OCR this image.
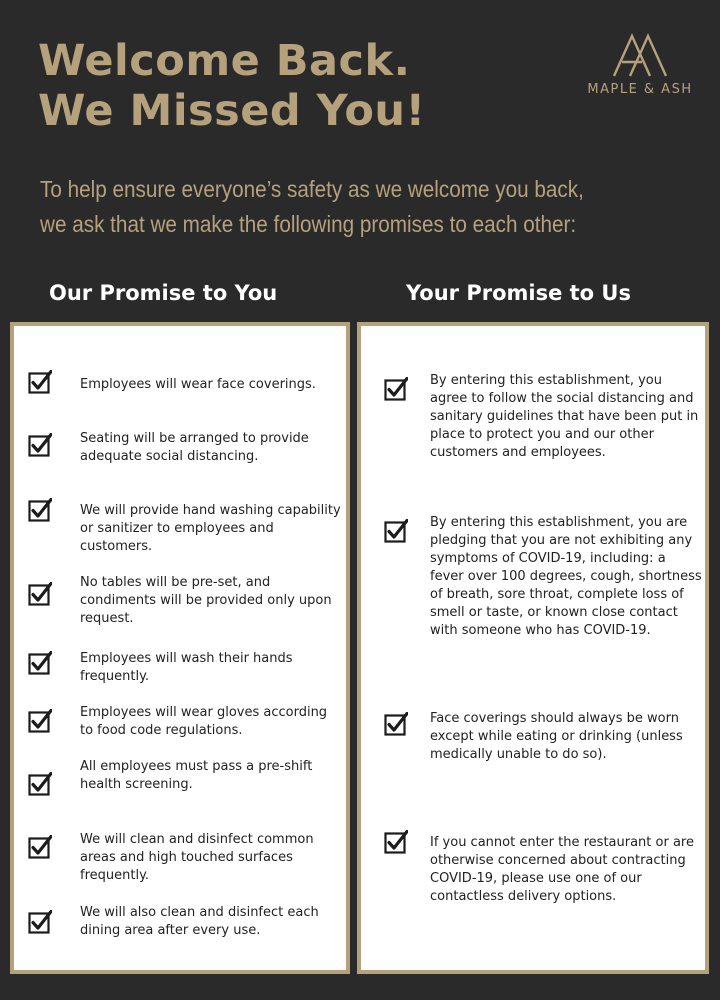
Welcome Back.
We Missed You!	MAPLE & ASH
To help ensure everyone’s safety as we welcome you back,
we ask that we make the following promises to each other:
Our Promise to You	Your Promise to Us
Employees will wear face coverings.
Seating will be arranged to provide adequate social distancing.
We will provide hand washing capability or sanitizer to employees and customers.
No tables will be pre-set, and condiments will be provided only upon request.
Employees will wash their hands frequently.
Employees will wear gloves according to food code regulations.
All employees must pass a pre-shift health screening.
We will clean and disinfect common areas and high touched surfaces frequently.
We will also clean and disinfect each dining area after every use.
By entering this establishment, you agree to follow the social distancing and sanitary guidelines that have been put in place to protect you and our other customers and employees.
By entering this establishment, you are pledging that you are not exhibiting any symptoms of COVID-19, including: a fever over 100 degrees, cough, shortness of breath, sore throat, complete loss of smell or taste, or known close contact with someone who has COVID-19.
Face coverings should always be worn except while eating or drinking (unless medically unable to do so).
If you cannot enter the restaurant or are otherwise concerned about contracting COVID-19, please use one of our contactless delivery options.
